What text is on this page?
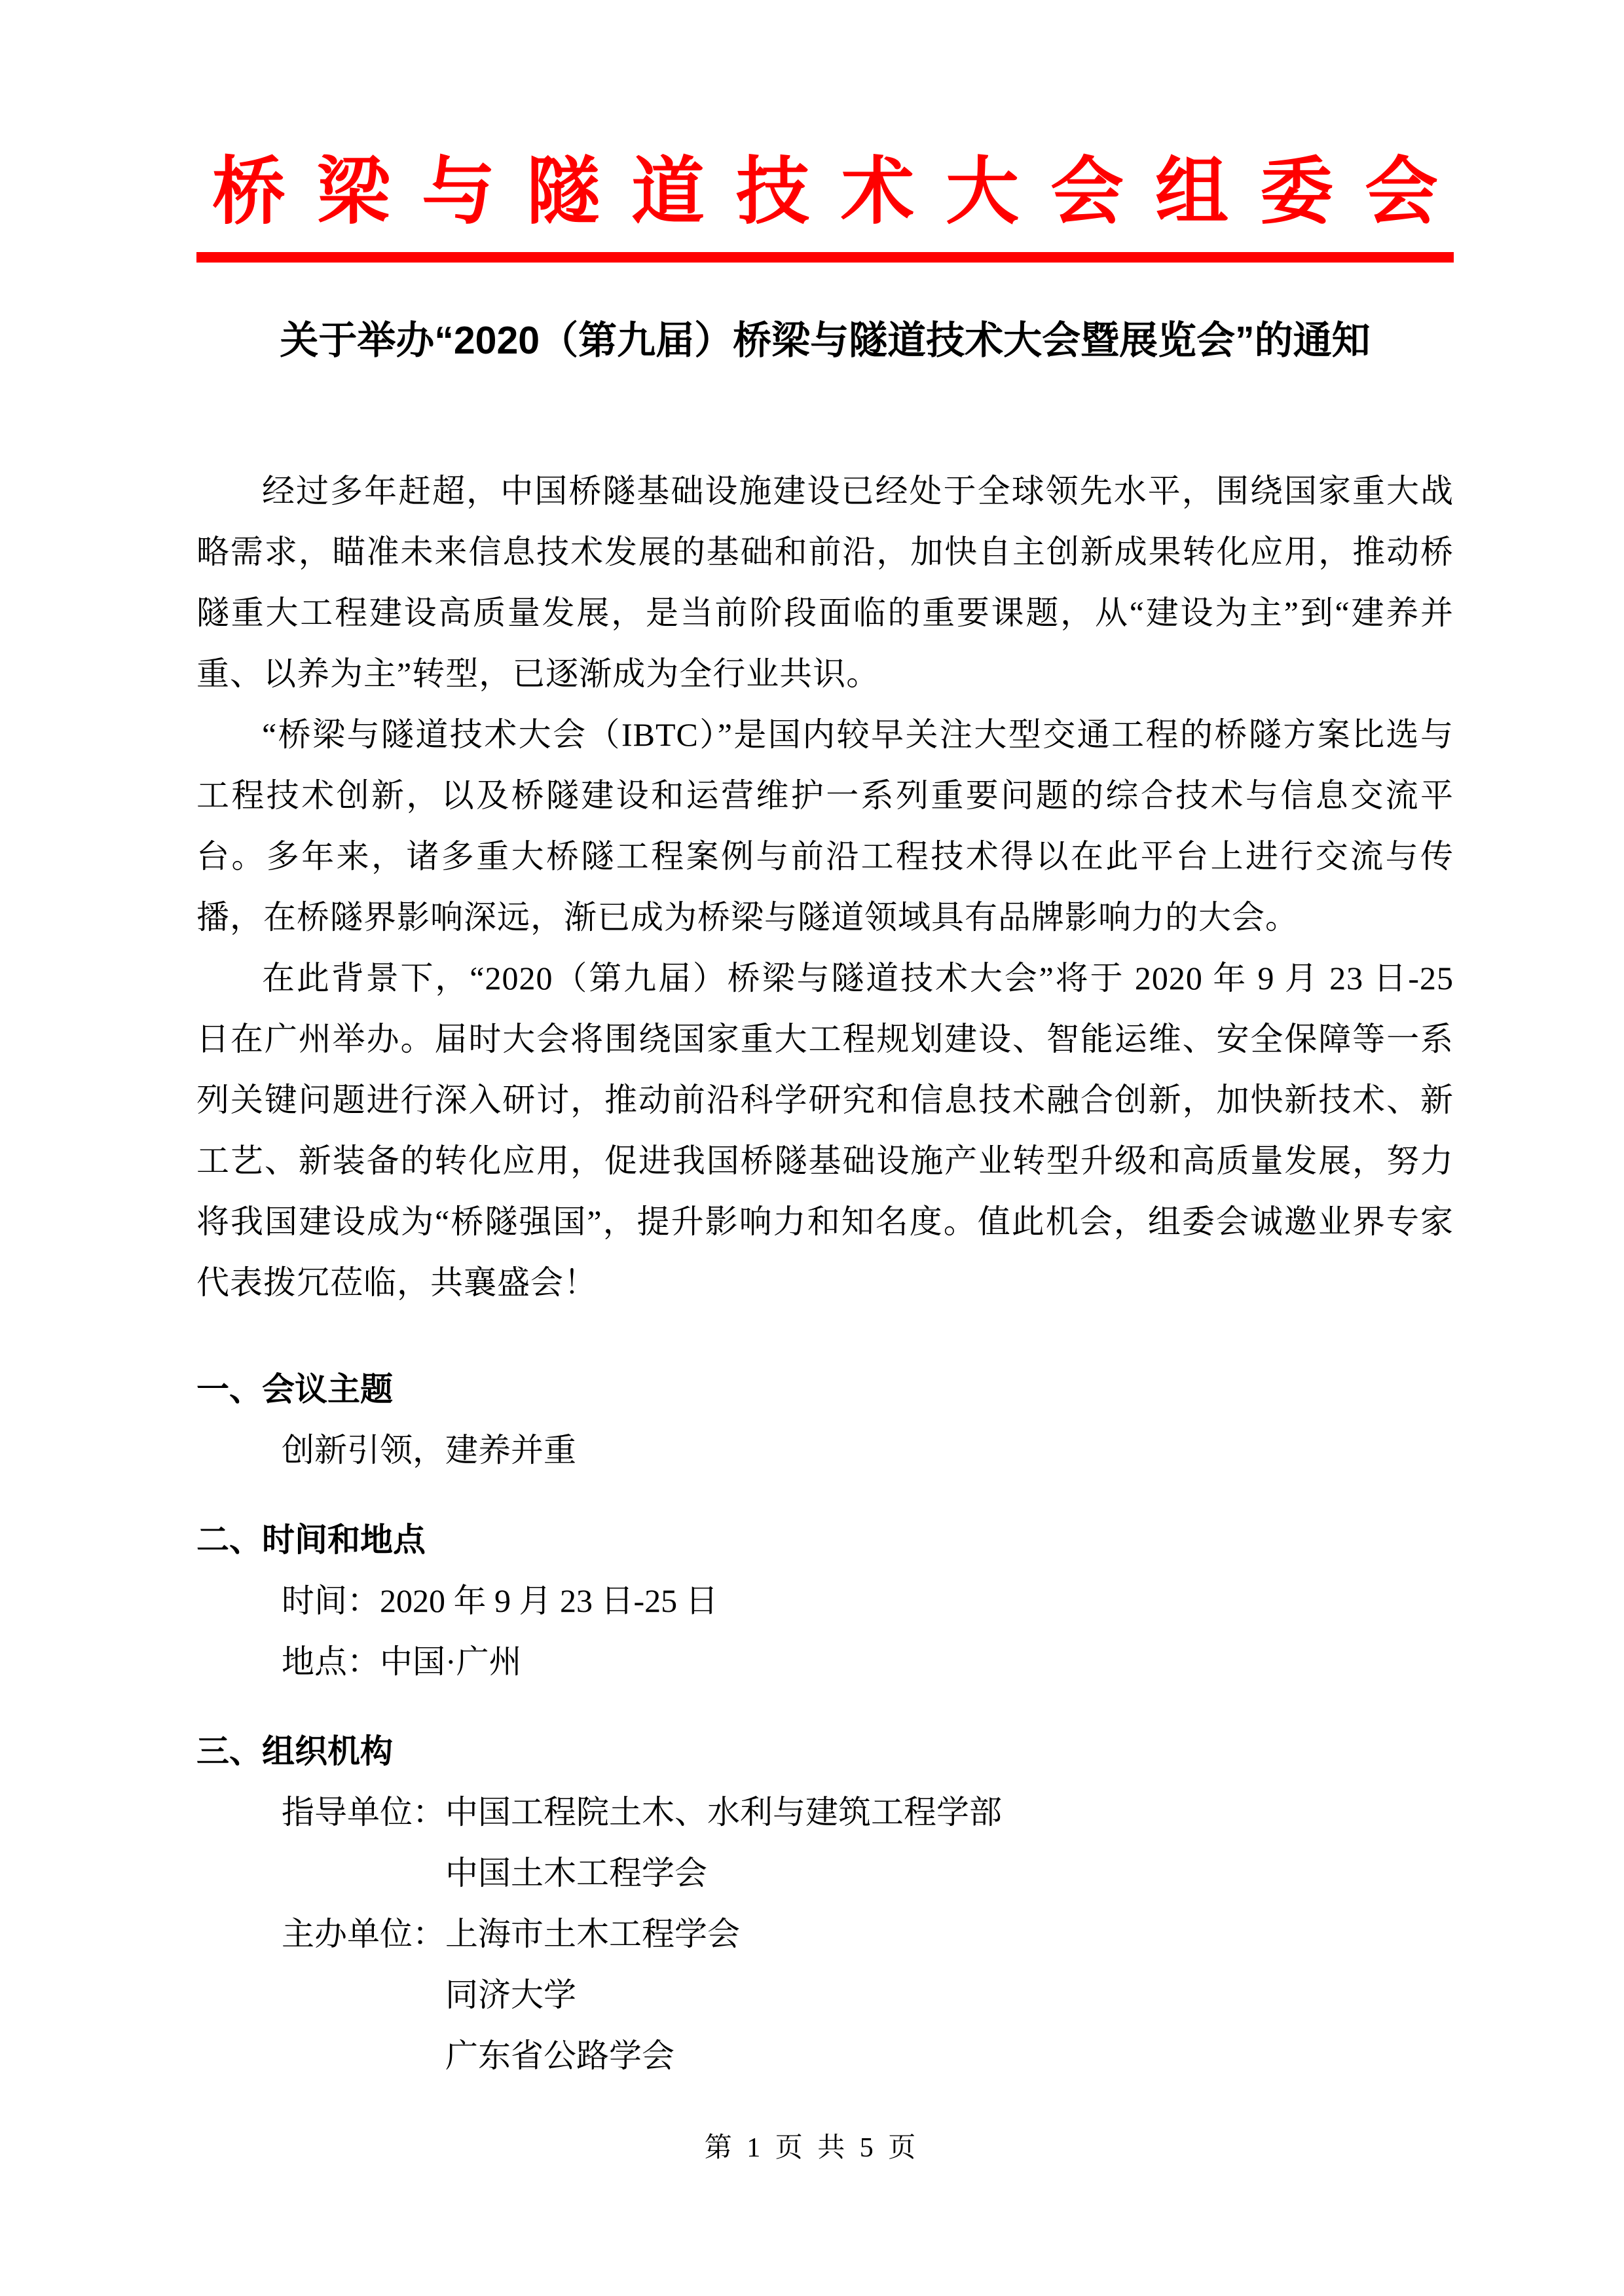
桥梁与隧道技术大会组委会
关于举办“2020（第九届）桥梁与隧道技术大会暨展览会”的通知

经过多年赶超，中国桥隧基础设施建设已经处于全球领先水平，围绕国家重大战略需求，瞄准未来信息技术发展的基础和前沿，加快自主创新成果转化应用，推动桥隧重大工程建设高质量发展，是当前阶段面临的重要课题，从“建设为主”到“建养并重、以养为主”转型，已逐渐成为全行业共识。

“桥梁与隧道技术大会（IBTC）”是国内较早关注大型交通工程的桥隧方案比选与工程技术创新，以及桥隧建设和运营维护一系列重要问题的综合技术与信息交流平台。多年来，诸多重大桥隧工程案例与前沿工程技术得以在此平台上进行交流与传播，在桥隧界影响深远，渐已成为桥梁与隧道领域具有品牌影响力的大会。

在此背景下，“2020（第九届）桥梁与隧道技术大会”将于 2020 年 9 月 23 日-25 日在广州举办。届时大会将围绕国家重大工程规划建设、智能运维、安全保障等一系列关键问题进行深入研讨，推动前沿科学研究和信息技术融合创新，加快新技术、新工艺、新装备的转化应用，促进我国桥隧基础设施产业转型升级和高质量发展，努力将我国建设成为“桥隧强国”，提升影响力和知名度。值此机会，组委会诚邀业界专家代表拨冗莅临，共襄盛会！

一、会议主题

创新引领，建养并重

二、时间和地点

时间：2020 年 9 月 23 日-25 日

地点：中国·广州

三、组织机构
指导单位： 中国工程院土木、水利与建筑工程学部

中国土木工程学会

主办单位： 上海市土木工程学会

同济大学

广东省公路学会

第 1 页 共 5 页
